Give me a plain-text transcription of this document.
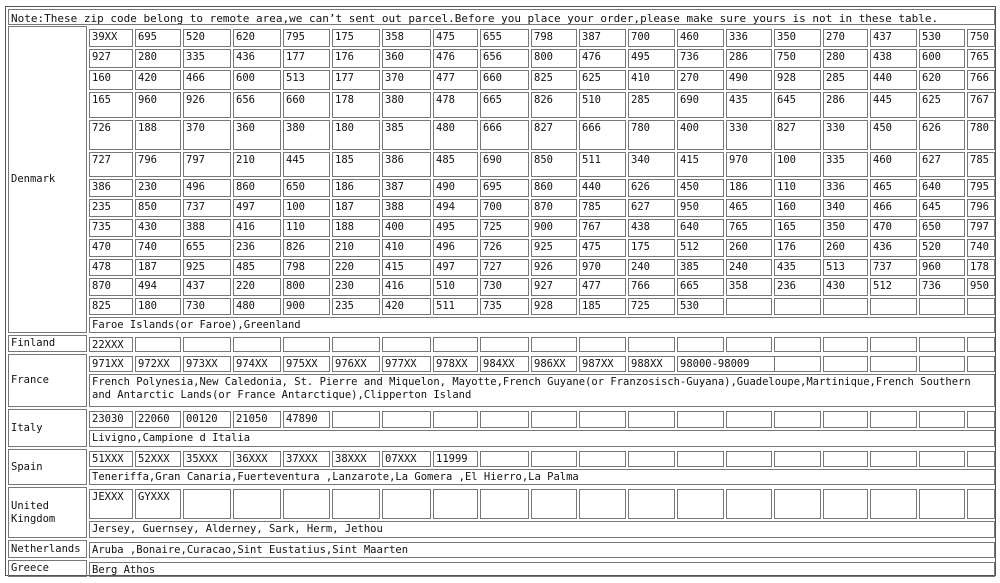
Note:These zip code belong to remote area,we can’t sent out parcel.Before you place your order,please make sure yours is not in these table.
Denmark
39XX	695	520	620	795	175	358	475	655	798	387	700	460	336	350	270	437	530	750
927	280	335	436	177	176	360	476	656	800	476	495	736	286	750	280	438	600	765
160	420	466	600	513	177	370	477	660	825	625	410	270	490	928	285	440	620	766
165	960	926	656	660	178	380	478	665	826	510	285	690	435	645	286	445	625	767
726	188	370	360	380	180	385	480	666	827	666	780	400	330	827	330	450	626	780
727	796	797	210	445	185	386	485	690	850	511	340	415	970	100	335	460	627	785
386	230	496	860	650	186	387	490	695	860	440	626	450	186	110	336	465	640	795
235	850	737	497	100	187	388	494	700	870	785	627	950	465	160	340	466	645	796
735	430	388	416	110	188	400	495	725	900	767	438	640	765	165	350	470	650	797
470	740	655	236	826	210	410	496	726	925	475	175	512	260	176	260	436	520	740
478	187	925	485	798	220	415	497	727	926	970	240	385	240	435	513	737	960	178
870	494	437	220	800	230	416	510	730	927	477	766	665	358	236	430	512	736	950
825	180	730	480	900	235	420	511	735	928	185	725	530
Faroe Islands(or Faroe),Greenland
Finland	22XXX
France
971XX	972XX	973XX	974XX	975XX	976XX	977XX	978XX	984XX	986XX	987XX	988XX	98000-98009
French Polynesia,New Caledonia, St. Pierre and Miquelon, Mayotte,French Guyane(or Franzosisch-Guyana),Guadeloupe,Martinique,French Southern and Antarctic Lands(or France Antarctique),Clipperton Island
Italy
23030	22060	00120	21050	47890
Livigno,Campione d Italia
Spain
51XXX	52XXX	35XXX	36XXX	37XXX	38XXX	07XXX	11999
Teneriffa,Gran Canaria,Fuerteventura ,Lanzarote,La Gomera ,El Hierro,La Palma
United Kingdom
JEXXX	GYXXX
Jersey, Guernsey, Alderney, Sark, Herm, Jethou
Netherlands	Aruba ,Bonaire,Curacao,Sint Eustatius,Sint Maarten
Greece	Berg Athos
